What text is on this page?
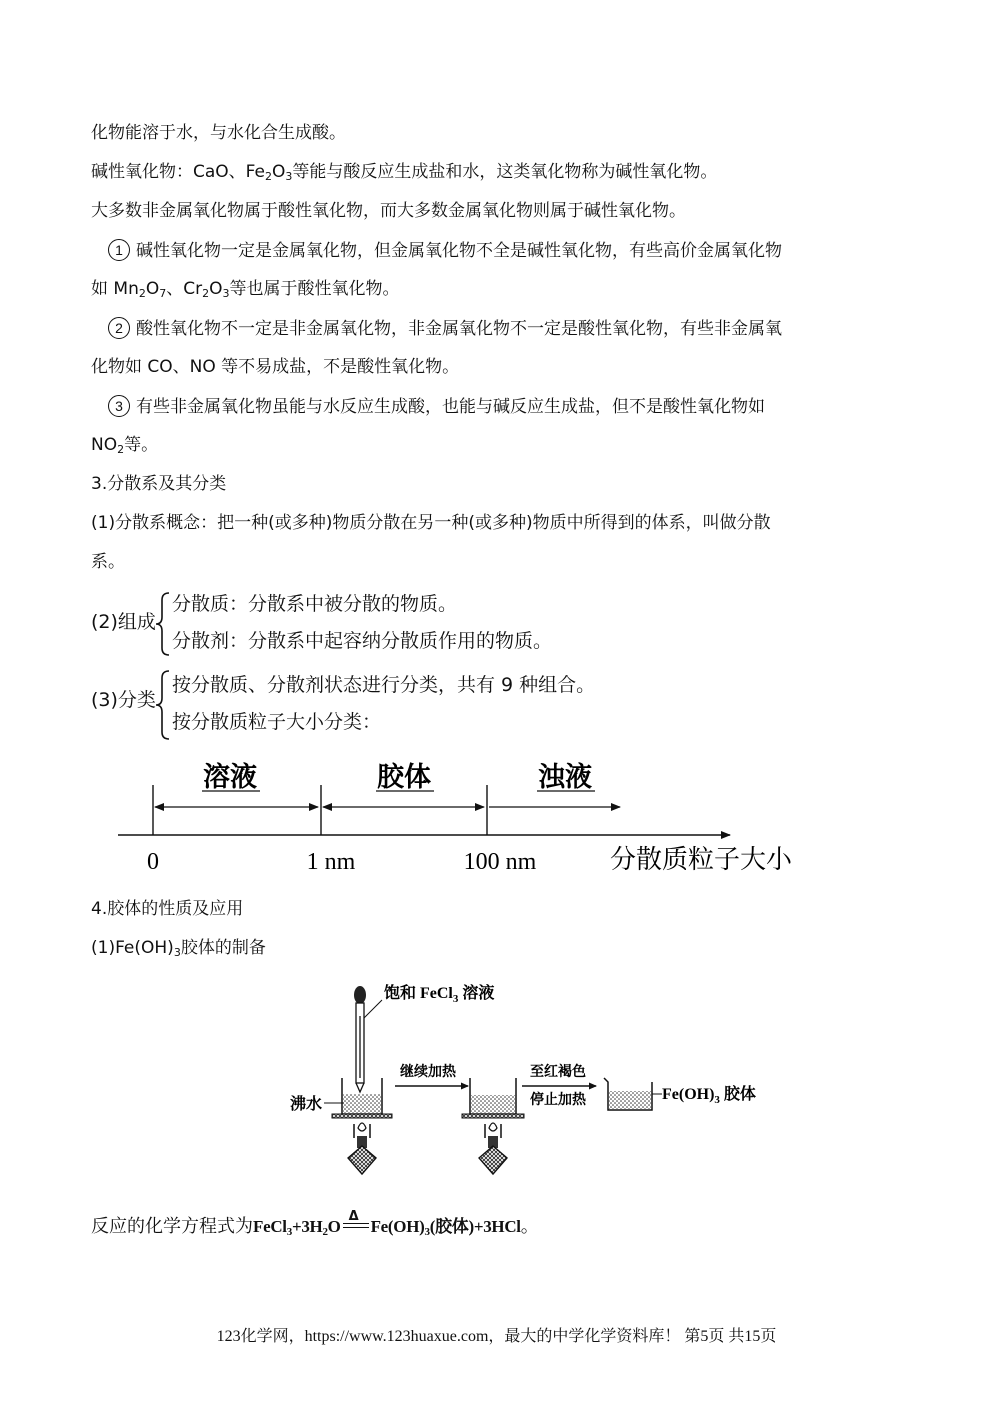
化物能溶于水，与水化合生成酸。
碱性氧化物：CaO、$Fe_2O_3$等能与酸反应生成盐和水，这类氧化物称为碱性氧化物。
大多数非金属氧化物属于酸性氧化物，而大多数金属氧化物则属于碱性氧化物。
1 碱性氧化物一定是金属氧化物，但金属氧化物不全是碱性氧化物，有些高价金属氧化物
如 $Mn_2O_7$、$Cr_2O_3$等也属于酸性氧化物。
2 酸性氧化物不一定是非金属氧化物，非金属氧化物不一定是酸性氧化物，有些非金属氧
化物如 CO、NO 等不易成盐，不是酸性氧化物。
3 有些非金属氧化物虽能与水反应生成酸，也能与碱反应生成盐，但不是酸性氧化物如
$NO_2$等。
3.分散系及其分类
(1)分散系概念：把一种(或多种)物质分散在另一种(或多种)物质中所得到的体系，叫做分散
系。
(2)组成
分散质：分散系中被分散的物质。
分散剂：分散系中起容纳分散质作用的物质。
(3)分类
按分散质、分散剂状态进行分类，共有 9 种组合。
按分散质粒子大小分类：
溶液	胶体	浊液
0	1 nm	100 nm	分散质粒子大小
4.胶体的性质及应用
$(1)Fe(OH)_3$胶体的制备
饱和 FeCl$_3$ 溶液
沸水
继续加热	至红褐色
停止加热	$Fe(OH)_3$ 胶体
反应的化学方程式为$FeCl_3+3H_2O$
Δ
$Fe(OH)_3$(胶体)+3HCl。
123化学网，https://www.123huaxue.com，最大的中学化学资料库！ 第5页 共15页
